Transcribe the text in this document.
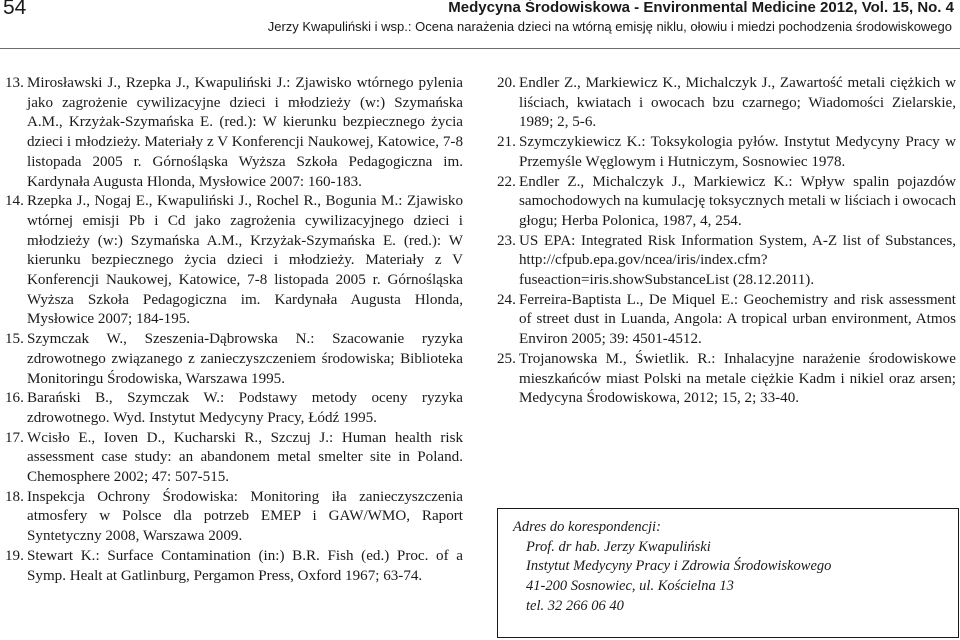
54	Medycyna Środowiskowa - Environmental Medicine 2012, Vol. 15, No. 4
Jerzy Kwapuliński i wsp.: Ocena narażenia dzieci na wtórną emisję niklu, ołowiu i miedzi pochodzenia środowiskowego
13. Mirosławski J., Rzepka J., Kwapuliński J.: Zjawisko wtórnego pylenia jako zagrożenie cywilizacyjne dzieci i młodzieży (w:) Szymańska A.M., Krzyżak-Szymańska E. (red.): W kierunku bezpiecznego życia dzieci i młodzieży. Materiały z V Konferencji Naukowej, Katowice, 7-8 listopada 2005 r. Górnośląska Wyższa Szkoła Pedagogiczna im. Kardynała Augusta Hlonda, Mysłowice 2007: 160-183.
14. Rzepka J., Nogaj E., Kwapuliński J., Rochel R., Bogunia M.: Zjawisko wtórnej emisji Pb i Cd jako zagrożenia cywilizacyjnego dzieci i młodzieży (w:) Szymańska A.M., Krzyżak-Szymańska E. (red.): W kierunku bezpiecznego życia dzieci i młodzieży. Materiały z V Konferencji Naukowej, Katowice, 7-8 listopada 2005 r. Górnośląska Wyższa Szkoła Pedagogiczna im. Kardynała Augusta Hlonda, Mysłowice 2007; 184-195.
15. Szymczak W., Szeszenia-Dąbrowska N.: Szacowanie ryzyka zdrowotnego związanego z zanieczyszczeniem środowiska; Biblioteka Monitoringu Środowiska, Warszawa 1995.
16. Barański B., Szymczak W.: Podstawy metody oceny ryzyka zdrowotnego. Wyd. Instytut Medycyny Pracy, Łódź 1995.
17. Wcisło E., Ioven D., Kucharski R., Szczuj J.: Human health risk assessment case study: an abandonem metal smelter site in Poland. Chemosphere 2002; 47: 507-515.
18. Inspekcja Ochrony Środowiska: Monitoring iła zanieczyszczenia atmosfery w Polsce dla potrzeb EMEP i GAW/WMO, Raport Syntetyczny 2008, Warszawa 2009.
19. Stewart K.: Surface Contamination (in:) B.R. Fish (ed.) Proc. of a Symp. Healt at Gatlinburg, Pergamon Press, Oxford 1967; 63-74.
20. Endler Z., Markiewicz K., Michalczyk J., Zawartość metali ciężkich w liściach, kwiatach i owocach bzu czarnego; Wiadomości Zielarskie, 1989; 2, 5-6.
21. Szymczykiewicz K.: Toksykologia pyłów. Instytut Medycyny Pracy w Przemyśle Węglowym i Hutniczym, Sosnowiec 1978.
22. Endler Z., Michalczyk J., Markiewicz K.: Wpływ spalin pojazdów samochodowych na kumulację toksycznych metali w liściach i owocach głogu; Herba Polonica, 1987, 4, 254.
23. US EPA: Integrated Risk Information System, A-Z list of Substances, http://cfpub.epa.gov/ncea/iris/index.cfm?fuseaction=iris.showSubstanceList (28.12.2011).
24. Ferreira-Baptista L., De Miquel E.: Geochemistry and risk assessment of street dust in Luanda, Angola: A tropical urban environment, Atmos Environ 2005; 39: 4501-4512.
25. Trojanowska M., Świetlik. R.: Inhalacyjne narażenie środowiskowe mieszkańców miast Polski na metale ciężkie Kadm i nikiel oraz arsen; Medycyna Środowiskowa, 2012; 15, 2; 33-40.
Adres do korespondencji:
Prof. dr hab. Jerzy Kwapuliński
Instytut Medycyny Pracy i Zdrowia Środowiskowego
41-200 Sosnowiec, ul. Kościelna 13
tel. 32 266 06 40
